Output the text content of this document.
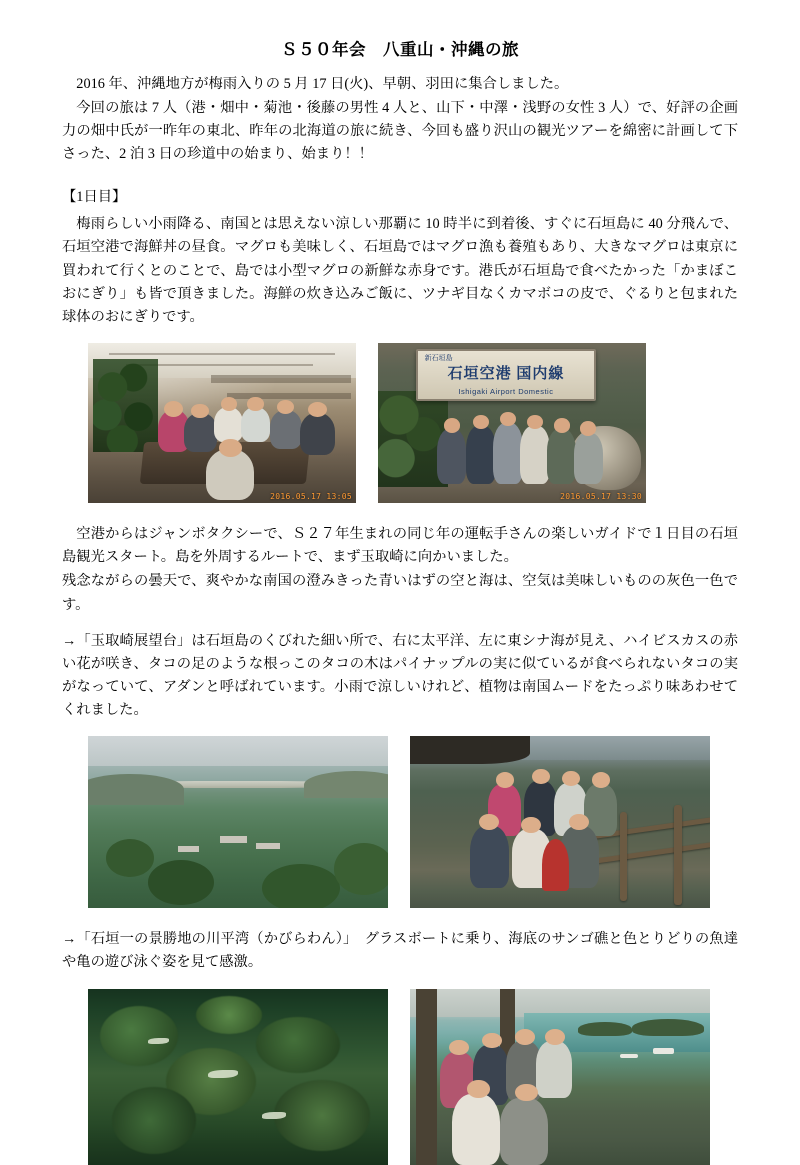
Ｓ５０年会　八重山・沖縄の旅

2016 年、沖縄地方が梅雨入りの 5 月 17 日(火)、早朝、羽田に集合しました。

今回の旅は 7 人（港・畑中・菊池・後藤の男性 4 人と、山下・中澤・浅野の女性 3 人）で、好評の企画力の畑中氏が一昨年の東北、昨年の北海道の旅に続き、今回も盛り沢山の観光ツアーを綿密に計画して下さった、2 泊 3 日の珍道中の始まり、始まり！！

【1日目】

梅雨らしい小雨降る、南国とは思えない涼しい那覇に 10 時半に到着後、すぐに石垣島に 40 分飛んで、石垣空港で海鮮丼の昼食。マグロも美味しく、石垣島ではマグロ漁も養殖もあり、大きなマグロは東京に買われて行くとのことで、島では小型マグロの新鮮な赤身です。港氏が石垣島で食べたかった「かまぼこおにぎり」も皆で頂きました。海鮮の炊き込みご飯に、ツナギ目なくカマボコの皮で、ぐるりと包まれた球体のおにぎりです。

2016.05.17 13:05
新石垣島
石垣空港 国内線
Ishigaki Airport Domestic
2016.05.17 13:30

空港からはジャンボタクシーで、Ｓ２７年生まれの同じ年の運転手さんの楽しいガイドで１日目の石垣島観光スタート。島を外周するルートで、まず玉取崎に向かいました。

残念ながらの曇天で、爽やかな南国の澄みきった青いはずの空と海は、空気は美味しいものの灰色一色です。

→「玉取崎展望台」は石垣島のくびれた細い所で、右に太平洋、左に東シナ海が見え、ハイビスカスの赤い花が咲き、タコの足のような根っこのタコの木はパイナップルの実に似ているが食べられないタコの実がなっていて、アダンと呼ばれています。小雨で涼しいけれど、植物は南国ムードをたっぷり味あわせてくれました。

→「石垣一の景勝地の川平湾（かびらわん）」　グラスボートに乗り、海底のサンゴ礁と色とりどりの魚達や亀の遊び泳ぐ姿を見て感激。
